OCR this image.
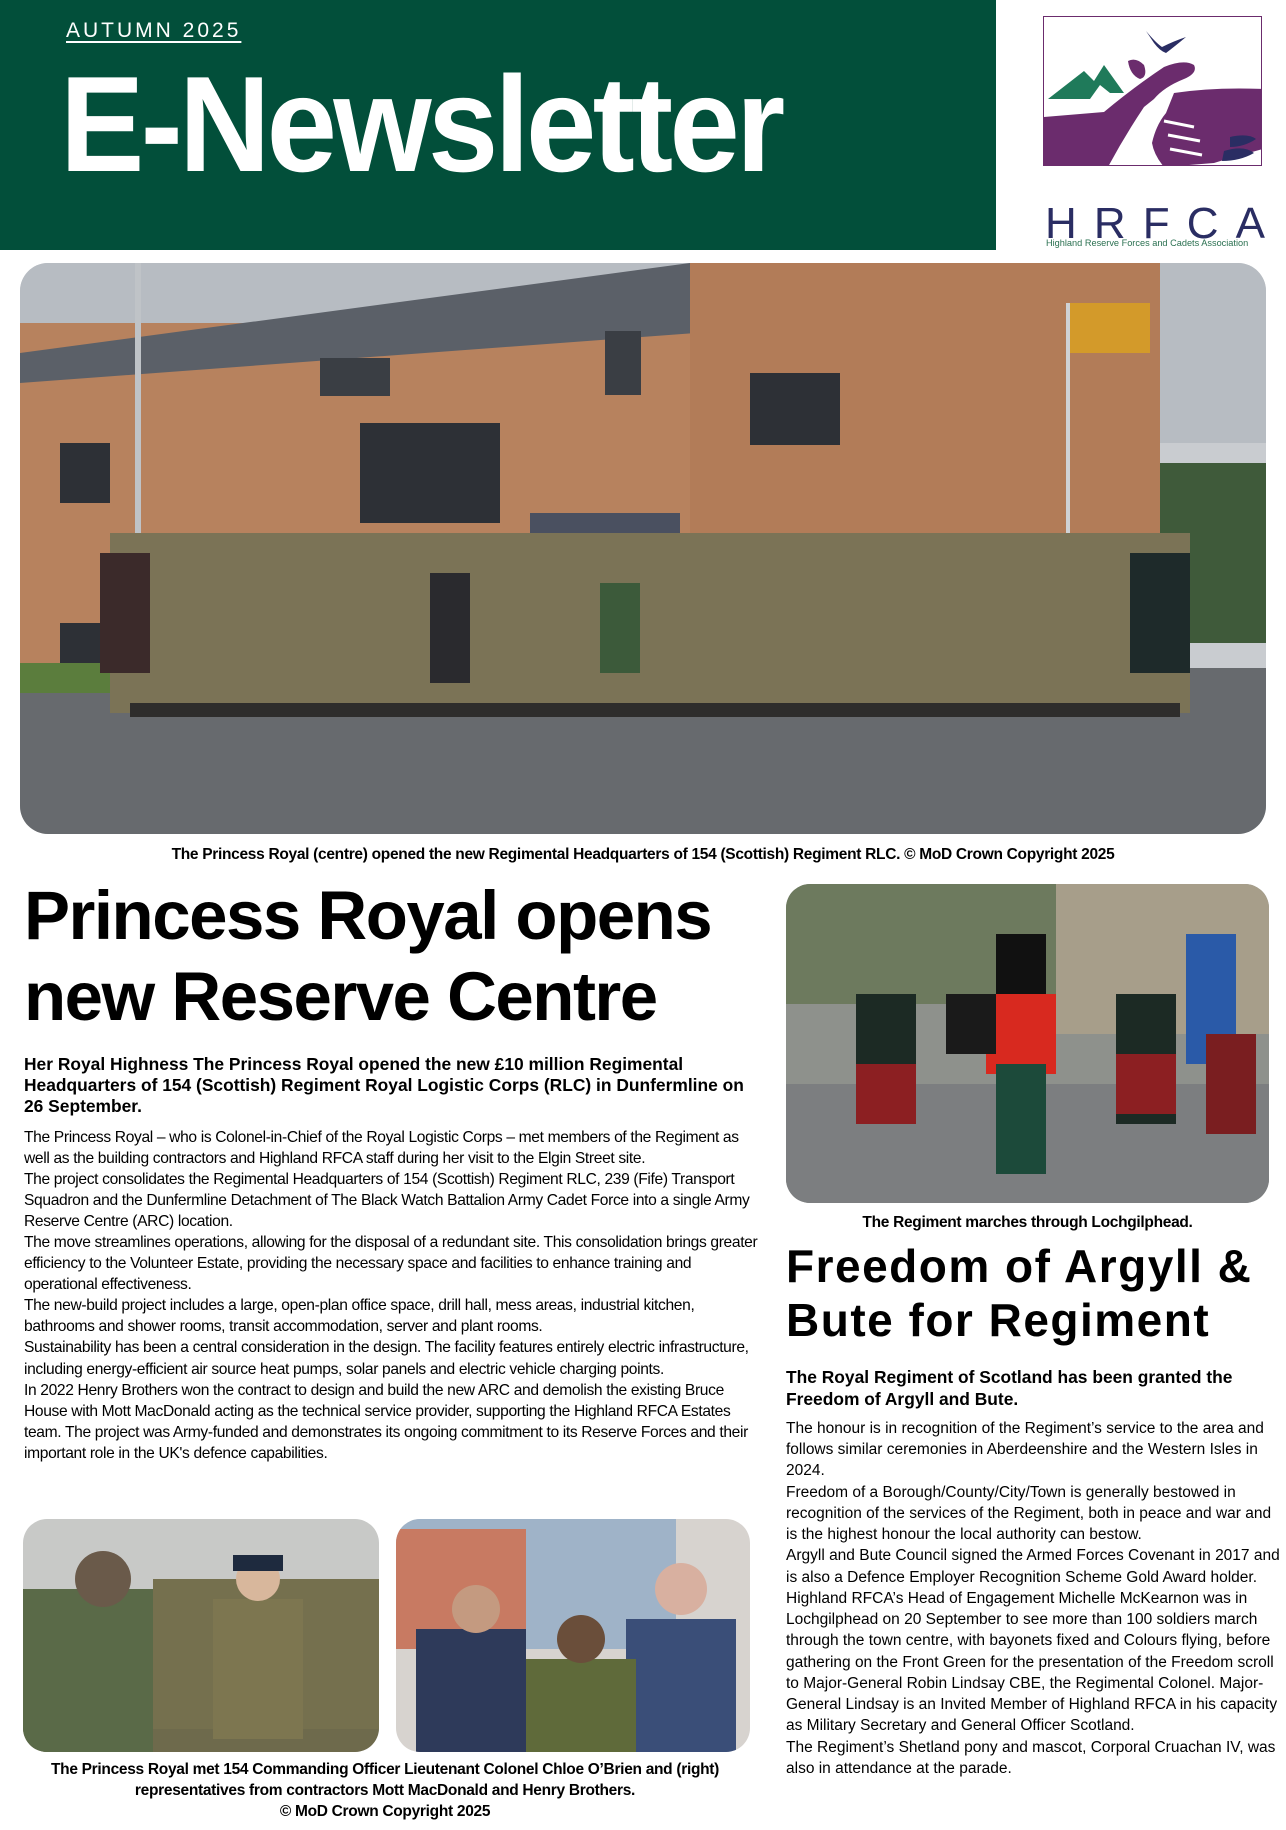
AUTUMN 2025
E-Newsletter
H R F C A
Highland Reserve Forces and Cadets Association
The Princess Royal (centre) opened the new Regimental Headquarters of 154 (Scottish) Regiment RLC. © MoD Crown Copyright 2025
Princess Royal opens new Reserve Centre

Her Royal Highness The Princess Royal opened the new £10 million Regimental Headquarters of 154 (Scottish) Regiment Royal Logistic Corps (RLC) in Dunfermline on 26 September.

The Princess Royal – who is Colonel-in-Chief of the Royal Logistic Corps – met members of the Regiment as well as the building contractors and Highland RFCA staff during her visit to the Elgin Street site.

The project consolidates the Regimental Headquarters of 154 (Scottish) Regiment RLC, 239 (Fife) Transport Squadron and the Dunfermline Detachment of The Black Watch Battalion Army Cadet Force into a single Army Reserve Centre (ARC) location.

The move streamlines operations, allowing for the disposal of a redundant site. This consolidation brings greater efficiency to the Volunteer Estate, providing the necessary space and facilities to enhance training and operational effectiveness.

The new-build project includes a large, open-plan office space, drill hall, mess areas, industrial kitchen, bathrooms and shower rooms, transit accommodation, server and plant rooms.

Sustainability has been a central consideration in the design. The facility features entirely electric infrastructure, including energy-efficient air source heat pumps, solar panels and electric vehicle charging points.

In 2022 Henry Brothers won the contract to design and build the new ARC and demolish the existing Bruce House with Mott MacDonald acting as the technical service provider, supporting the Highland RFCA Estates team. The project was Army-funded and demonstrates its ongoing commitment to its Reserve Forces and their important role in the UK's defence capabilities.

The Princess Royal met 154 Commanding Officer Lieutenant Colonel Chloe O’Brien and (right) representatives from contractors Mott MacDonald and Henry Brothers.
© MoD Crown Copyright 2025
The Regiment marches through Lochgilphead.
Freedom of Argyll & Bute for Regiment

The Royal Regiment of Scotland has been granted the Freedom of Argyll and Bute.

The honour is in recognition of the Regiment’s service to the area and follows similar ceremonies in Aberdeenshire and the Western Isles in 2024.

Freedom of a Borough/County/City/Town is generally bestowed in recognition of the services of the Regiment, both in peace and war and is the highest honour the local authority can bestow.

Argyll and Bute Council signed the Armed Forces Covenant in 2017 and is also a Defence Employer Recognition Scheme Gold Award holder.

Highland RFCA’s Head of Engagement Michelle McKearnon was in Lochgilphead on 20 September to see more than 100 soldiers march through the town centre, with bayonets fixed and Colours flying, before gathering on the Front Green for the presentation of the Freedom scroll to Major-General Robin Lindsay CBE, the Regimental Colonel. Major-General Lindsay is an Invited Member of Highland RFCA in his capacity as Military Secretary and General Officer Scotland.

The Regiment’s Shetland pony and mascot, Corporal Cruachan IV, was also in attendance at the parade.
